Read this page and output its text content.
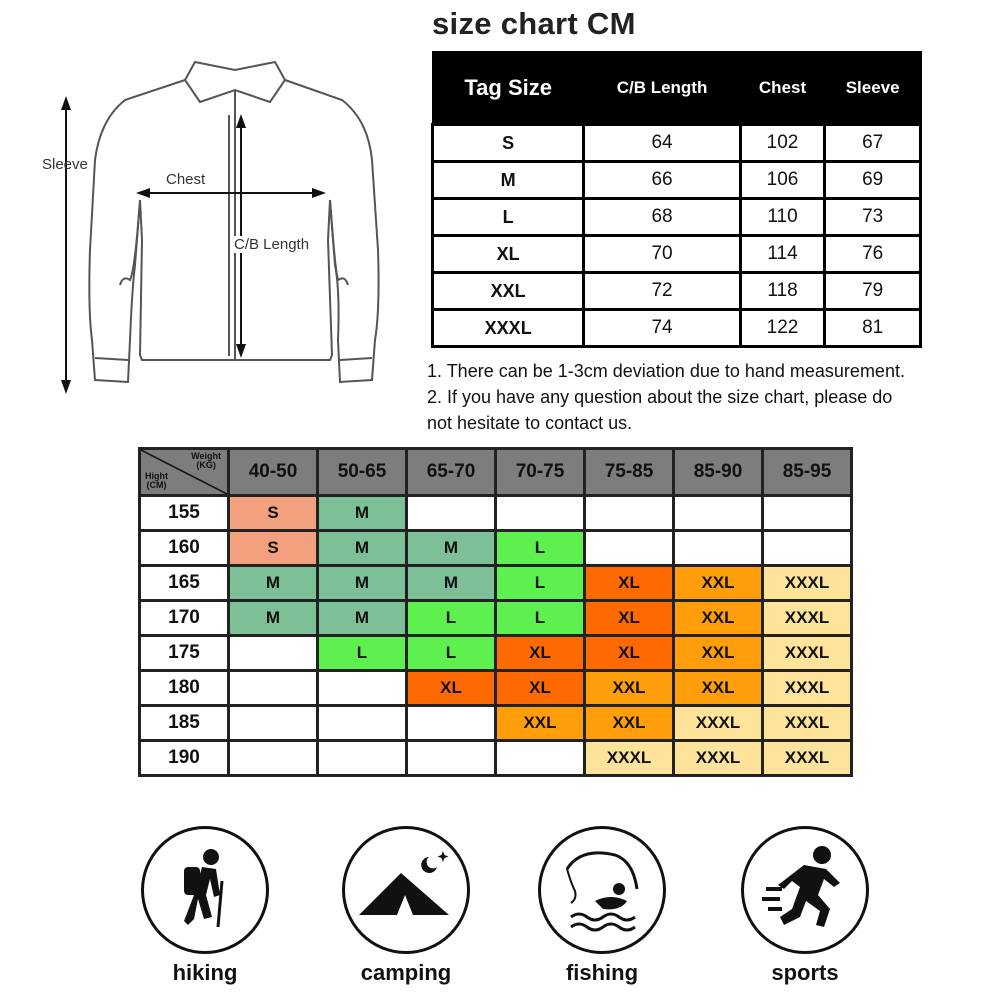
Sleeve
Chest
C/B Length
size chart CM
Tag Size	C/B Length	Chest	Sleeve
S	64	102	67
M	66	106	69
L	68	110	73
XL	70	114	76
XXL	72	118	79
XXXL	74	122	81
1. There can be 1-3cm deviation due to hand measurement.
2. If you have any question about the size chart, please do
not hesitate to contact us.
Weight
(KG)
Hight
(CM)	40-50	50-65	65-70	70-75	75-85	85-90	85-95
155	S	M					
160	S	M	M	L			
165	M	M	M	L	XL	XXL	XXXL
170	M	M	L	L	XL	XXL	XXXL
175		L	L	XL	XL	XXL	XXXL
180			XL	XL	XXL	XXL	XXXL
185				XXL	XXL	XXXL	XXXL
190					XXXL	XXXL	XXXL
hiking	camping	fishing	sports
